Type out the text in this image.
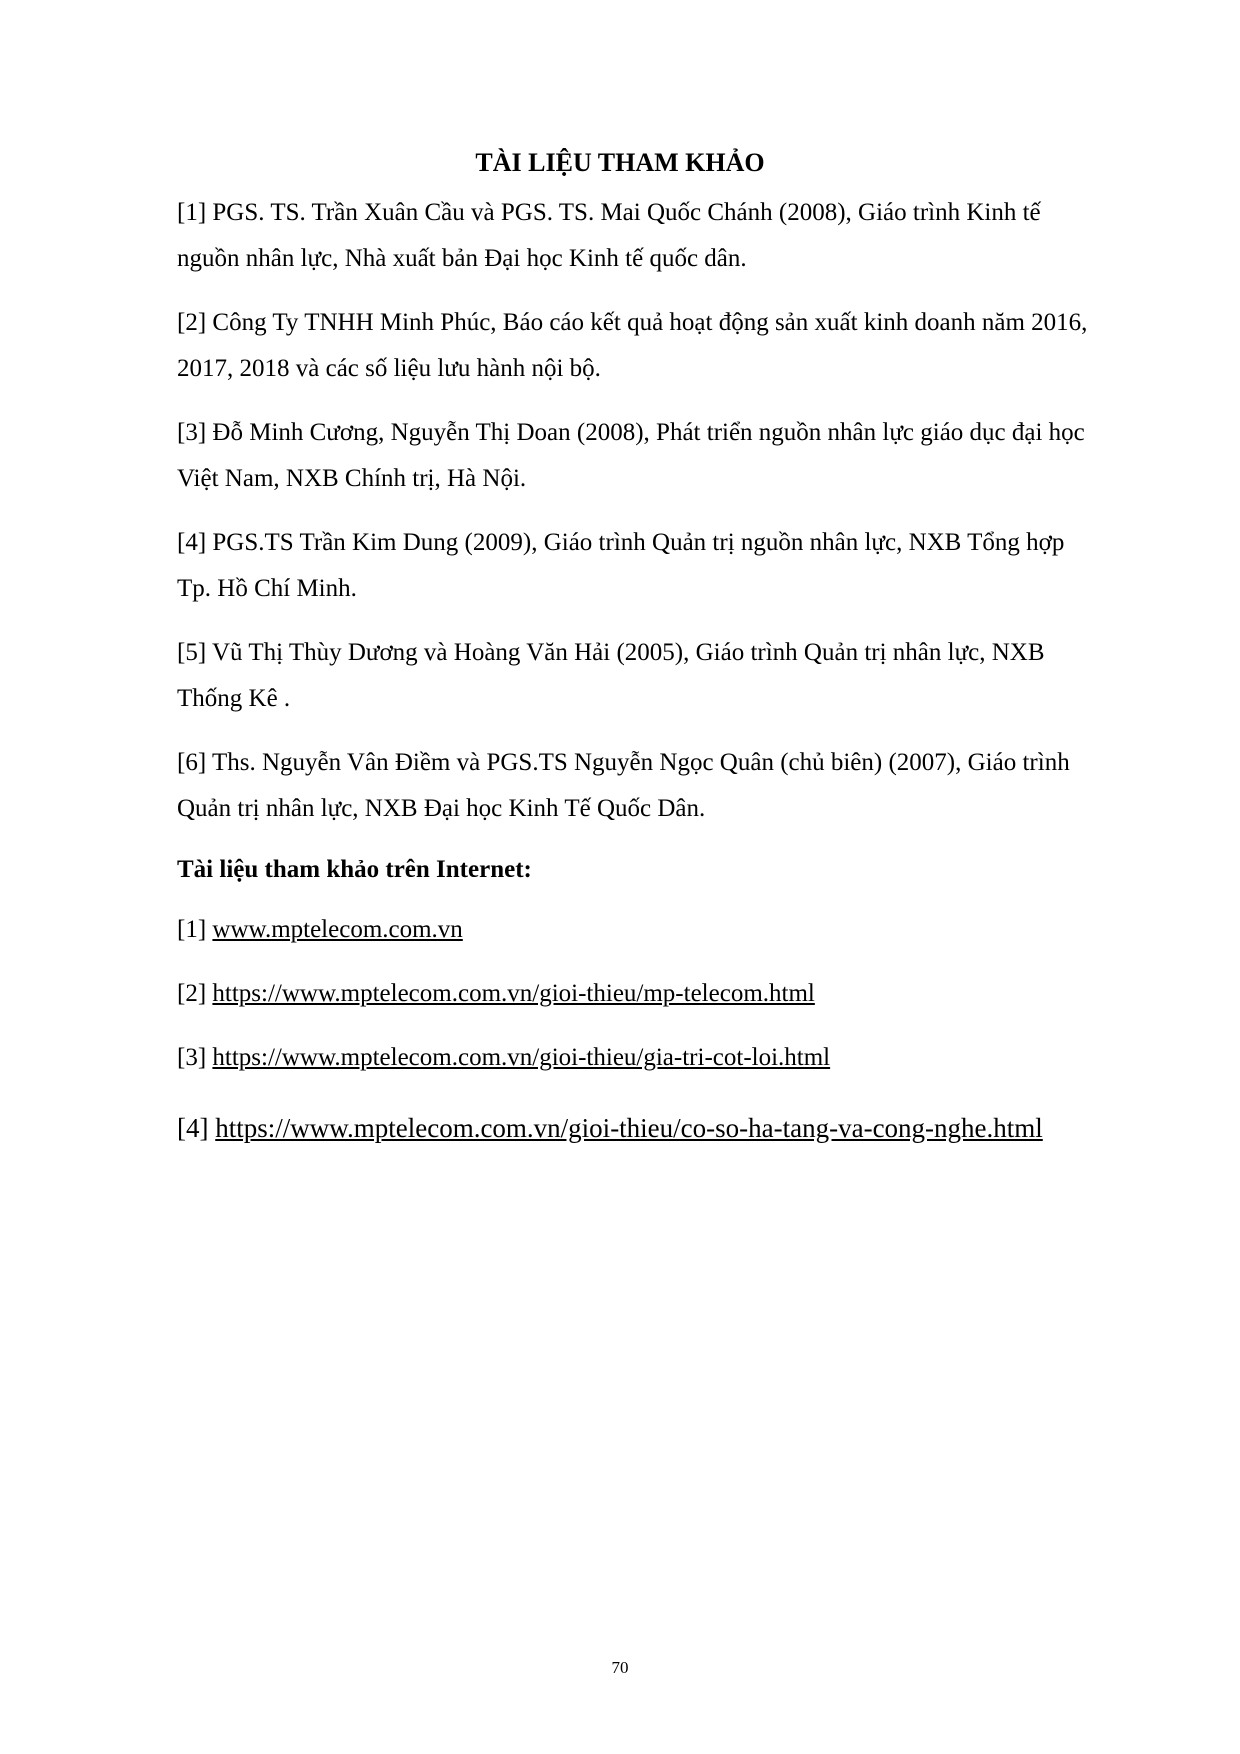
TÀI LIỆU THAM KHẢO

[1] PGS. TS. Trần Xuân Cầu và PGS. TS. Mai Quốc Chánh (2008), Giáo trình Kinh tế nguồn nhân lực, Nhà xuất bản Đại học Kinh tế quốc dân.

[2] Công Ty TNHH Minh Phúc, Báo cáo kết quả hoạt động sản xuất kinh doanh năm 2016, 2017, 2018 và các số liệu lưu hành nội bộ.

[3] Đỗ Minh Cương, Nguyễn Thị Doan (2008), Phát triển nguồn nhân lực giáo dục đại học Việt Nam, NXB Chính trị, Hà Nội.

[4] PGS.TS Trần Kim Dung (2009), Giáo trình Quản trị nguồn nhân lực, NXB Tổng hợp Tp. Hồ Chí Minh.

[5] Vũ Thị Thùy Dương và Hoàng Văn Hải (2005), Giáo trình Quản trị nhân lực, NXB Thống Kê .

[6] Ths. Nguyễn Vân Điềm và PGS.TS Nguyễn Ngọc Quân (chủ biên) (2007), Giáo trình Quản trị nhân lực, NXB Đại học Kinh Tế Quốc Dân.

Tài liệu tham khảo trên Internet:
[1] www.mptelecom.com.vn
[2] https://www.mptelecom.com.vn/gioi-thieu/mp-telecom.html
[3] https://www.mptelecom.com.vn/gioi-thieu/gia-tri-cot-loi.html
[4] https://www.mptelecom.com.vn/gioi-thieu/co-so-ha-tang-va-cong-nghe.html
70
